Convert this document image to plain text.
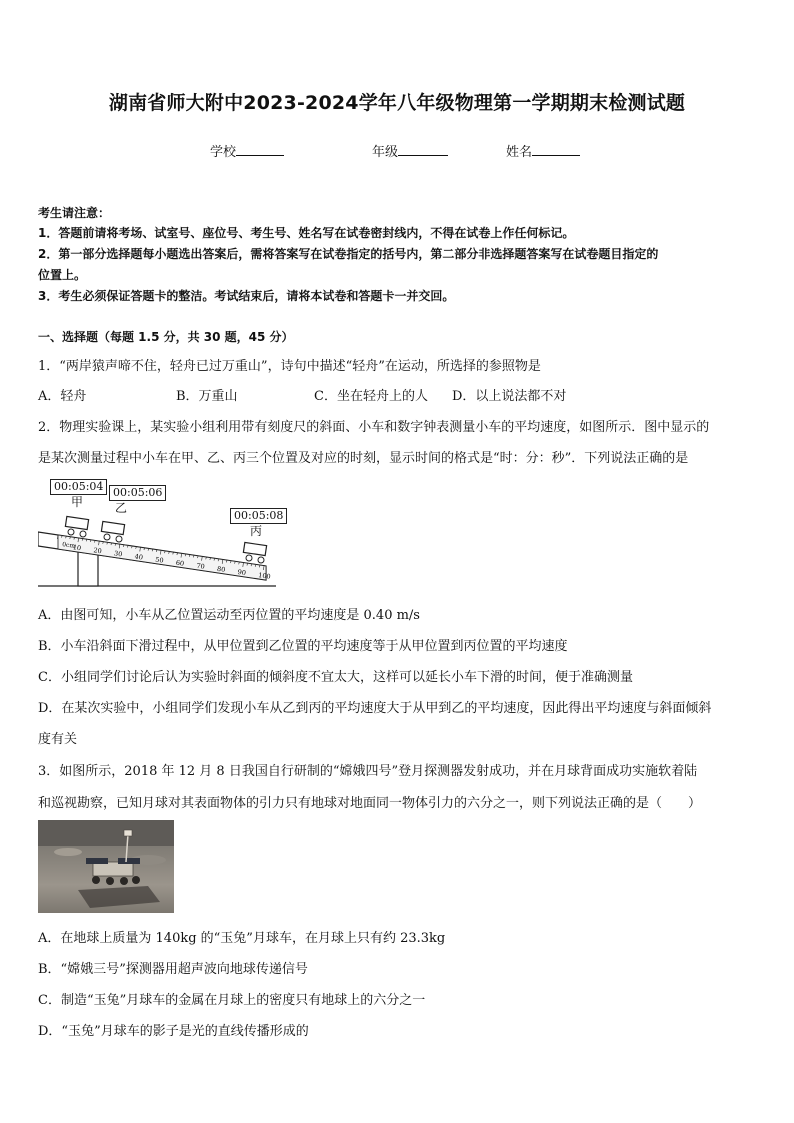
湖南省师大附中2023-2024学年八年级物理第一学期期末检测试题
学校	年级	姓名
考生请注意：
1．答题前请将考场、试室号、座位号、考生号、姓名写在试卷密封线内，不得在试卷上作任何标记。
2．第一部分选择题每小题选出答案后，需将答案写在试卷指定的括号内，第二部分非选择题答案写在试卷题目指定的
位置上。
3．考生必须保证答题卡的整洁。考试结束后，请将本试卷和答题卡一并交回。
一、选择题（每题 1.5 分，共 30 题，45 分）
1．“两岸猿声啼不住，轻舟已过万重山”，诗句中描述“轻舟”在运动，所选择的参照物是
A．轻舟	B．万重山	C．坐在轻舟上的人 D．以上说法都不对
2．物理实验课上，某实验小组利用带有刻度尺的斜面、小车和数字钟表测量小车的平均速度，如图所示．图中显示的
是某次测量过程中小车在甲、乙、丙三个位置及对应的时刻，显示时间的格式是“时：分：秒”．下列说法正确的是
0cm
10 20 30 40 50 60 70 80 90 100
00:05:04
甲
00:05:06
乙
00:05:08
丙
A．由图可知，小车从乙位置运动至丙位置的平均速度是 0.40 m/s
B．小车沿斜面下滑过程中，从甲位置到乙位置的平均速度等于从甲位置到丙位置的平均速度
C．小组同学们讨论后认为实验时斜面的倾斜度不宜太大，这样可以延长小车下滑的时间，便于准确测量
D．在某次实验中，小组同学们发现小车从乙到丙的平均速度大于从甲到乙的平均速度，因此得出平均速度与斜面倾斜
度有关
3．如图所示，2018 年 12 月 8 日我国自行研制的“嫦娥四号”登月探测器发射成功，并在月球背面成功实施软着陆
和巡视勘察，已知月球对其表面物体的引力只有地球对地面同一物体引力的六分之一，则下列说法正确的是（　　）
A．在地球上质量为 140kg 的“玉兔”月球车，在月球上只有约 23.3kg
B．“嫦娥三号”探测器用超声波向地球传递信号
C．制造“玉兔”月球车的金属在月球上的密度只有地球上的六分之一
D．“玉兔”月球车的影子是光的直线传播形成的
